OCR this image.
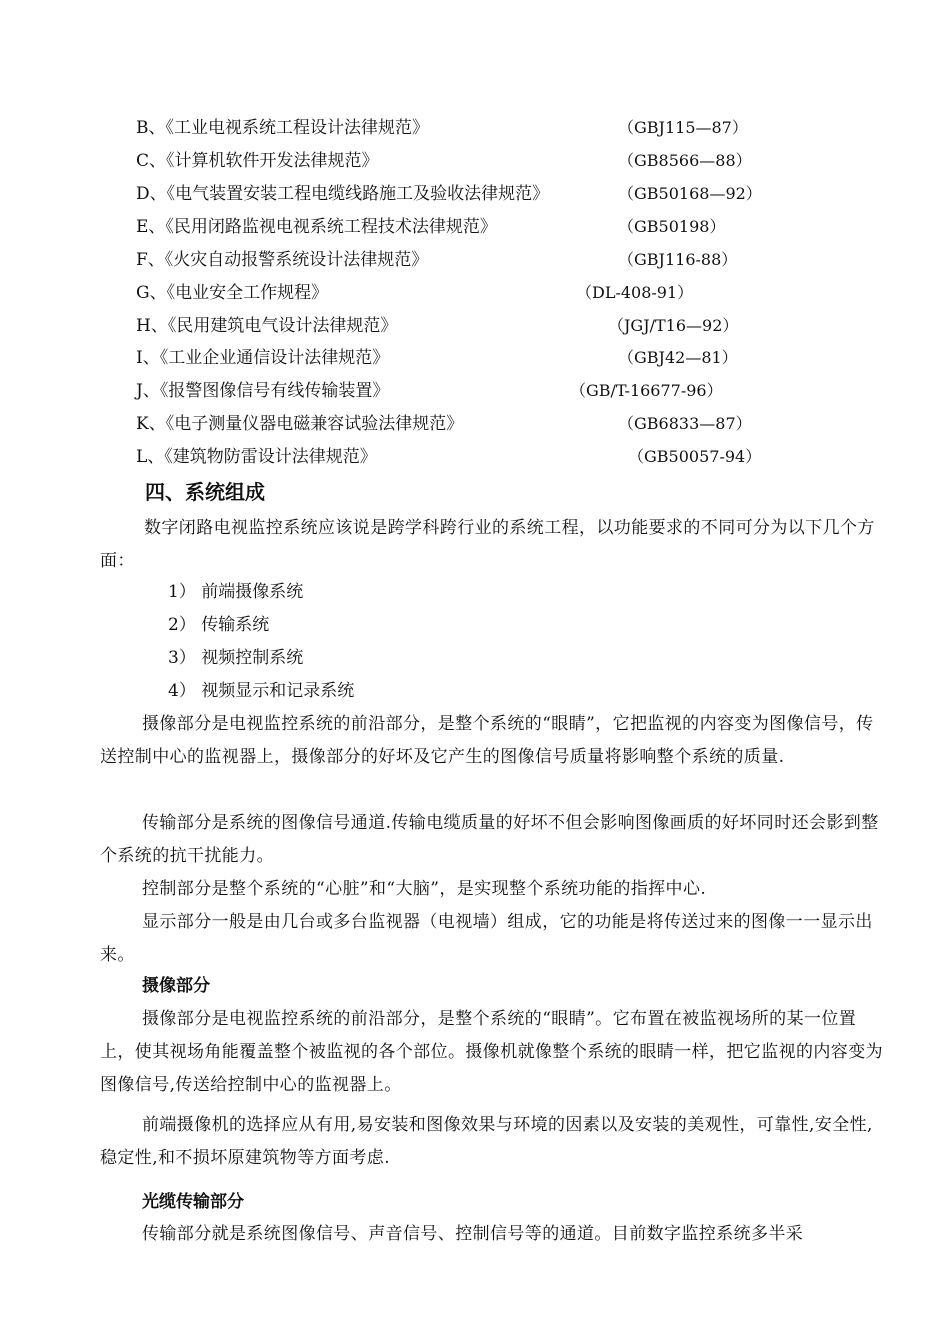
B、《工业电视系统工程设计法律规范》	（GBJ115—87）
C、《计算机软件开发法律规范》	（GB8566—88）
D、《电气装置安装工程电缆线路施工及验收法律规范》	（GB50168—92）
E、《民用闭路监视电视系统工程技术法律规范》	（GB50198）
F、《火灾自动报警系统设计法律规范》	（GBJ116-88）
G、《电业安全工作规程》	（DL-408-91）
H、《民用建筑电气设计法律规范》	（JGJ/T16—92）
I、《工业企业通信设计法律规范》	（GBJ42—81）
J、《报警图像信号有线传输装置》	（GB/T-16677-96）
K、《电子测量仪器电磁兼容试验法律规范》	（GB6833—87）
L、《建筑物防雷设计法律规范》	（GB50057-94）
四、系统组成
数字闭路电视监控系统应该说是跨学科跨行业的系统工程，以功能要求的不同可分为以下几个方面：
1） 前端摄像系统
2） 传输系统
3） 视频控制系统
4） 视频显示和记录系统
摄像部分是电视监控系统的前沿部分，是整个系统的“眼睛”，它把监视的内容变为图像信号，传送控制中心的监视器上，摄像部分的好坏及它产生的图像信号质量将影响整个系统的质量.
传输部分是系统的图像信号通道.传输电缆质量的好坏不但会影响图像画质的好坏同时还会影到整个系统的抗干扰能力。
控制部分是整个系统的“心脏”和“大脑”，是实现整个系统功能的指挥中心.
显示部分一般是由几台或多台监视器（电视墙）组成，它的功能是将传送过来的图像一一显示出来。
摄像部分
摄像部分是电视监控系统的前沿部分，是整个系统的“眼睛”。它布置在被监视场所的某一位置上，使其视场角能覆盖整个被监视的各个部位。摄像机就像整个系统的眼睛一样，把它监视的内容变为图像信号,传送给控制中心的监视器上。
前端摄像机的选择应从有用,易安装和图像效果与环境的因素以及安装的美观性，可靠性,安全性,稳定性,和不损坏原建筑物等方面考虑.
光缆传输部分
传输部分就是系统图像信号、声音信号、控制信号等的通道。目前数字监控系统多半采
